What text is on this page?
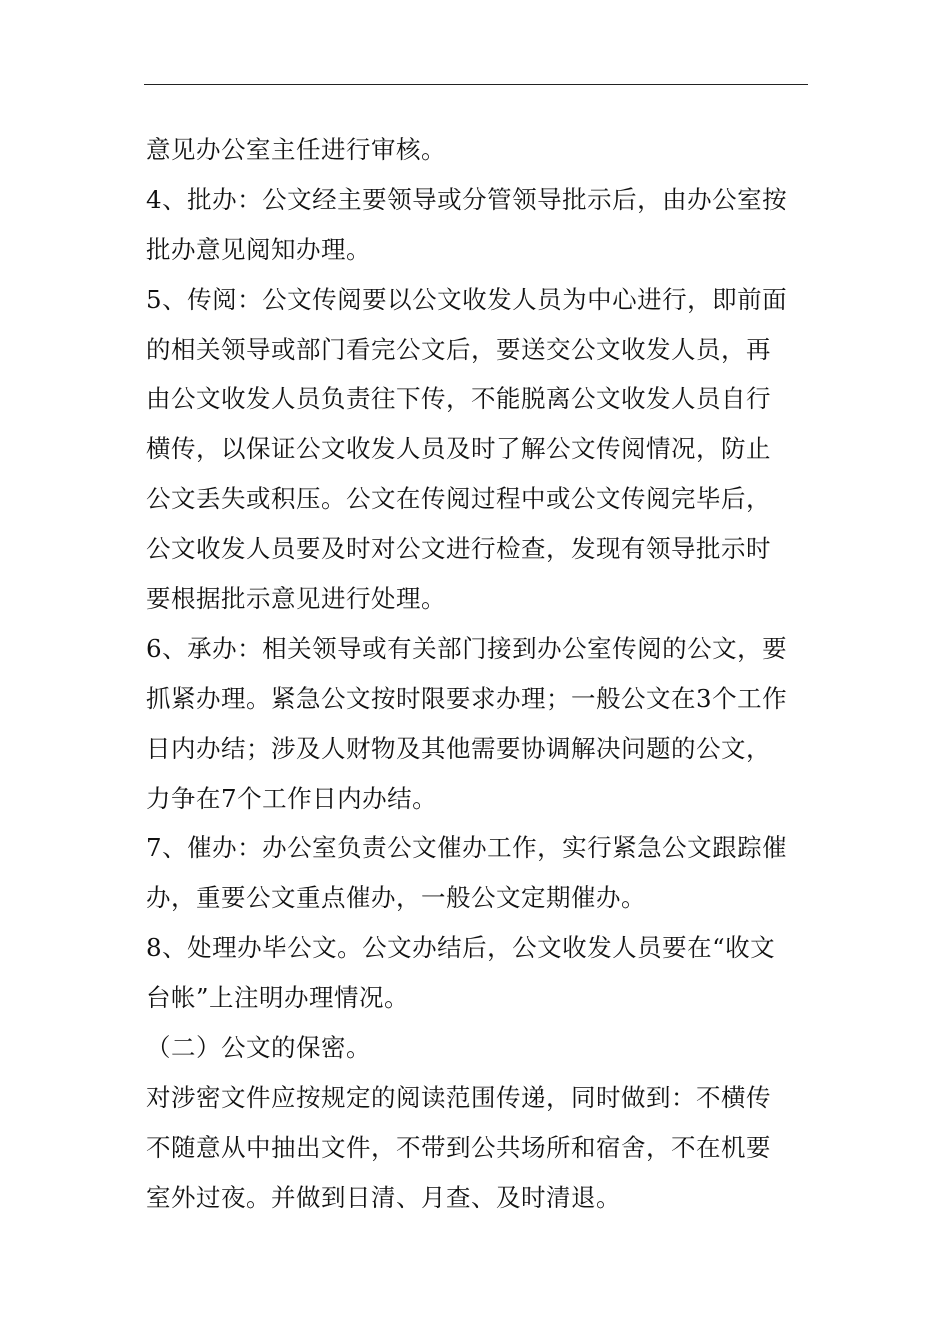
意见办公室主任进行审核。
4、批办：公文经主要领导或分管领导批示后，由办公室按
批办意见阅知办理。
5、传阅：公文传阅要以公文收发人员为中心进行，即前面
的相关领导或部门看完公文后，要送交公文收发人员，再
由公文收发人员负责往下传，不能脱离公文收发人员自行
横传，以保证公文收发人员及时了解公文传阅情况，防止
公文丢失或积压。公文在传阅过程中或公文传阅完毕后，
公文收发人员要及时对公文进行检查，发现有领导批示时
要根据批示意见进行处理。
6、承办：相关领导或有关部门接到办公室传阅的公文，要
抓紧办理。紧急公文按时限要求办理；一般公文在3个工作
日内办结；涉及人财物及其他需要协调解决问题的公文，
力争在7个工作日内办结。
7、催办：办公室负责公文催办工作，实行紧急公文跟踪催
办，重要公文重点催办，一般公文定期催办。
8、处理办毕公文。公文办结后，公文收发人员要在“收文
台帐”上注明办理情况。
（二）公文的保密。
对涉密文件应按规定的阅读范围传递，同时做到：不横传
不随意从中抽出文件，不带到公共场所和宿舍，不在机要
室外过夜。并做到日清、月查、及时清退。
